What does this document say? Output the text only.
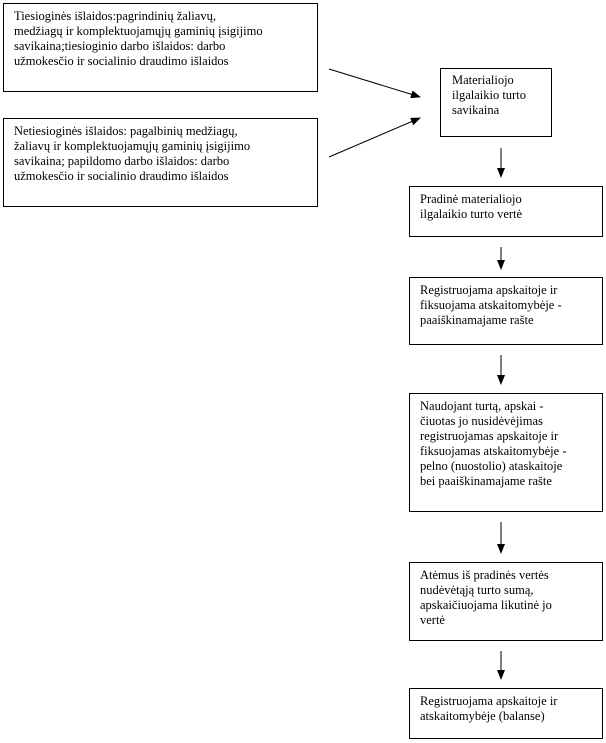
Tiesioginės išlaidos:pagrindinių žaliavų,
medžiagų ir komplektuojamųjų gaminių įsigijimo
savikaina;tiesioginio darbo išlaidos: darbo
užmokesčio ir socialinio draudimo išlaidos
Netiesioginės išlaidos: pagalbinių medžiagų,
žaliavų ir komplektuojamųjų gaminių įsigijimo
savikaina; papildomo darbo išlaidos: darbo
užmokesčio ir socialinio draudimo išlaidos
Materialiojo
ilgalaikio turto
savikaina
Pradinė materialiojo
ilgalaikio turto vertė
Registruojama apskaitoje ir
fiksuojama atskaitomybėje -
paaiškinamajame rašte
Naudojant turtą, apskai -
čiuotas jo nusidėvėjimas
registruojamas apskaitoje ir
fiksuojamas atskaitomybėje -
pelno (nuostolio) ataskaitoje
bei paaiškinamajame rašte
Atėmus iš pradinės vertės
nudėvėtąją turto sumą,
apskaičiuojama likutinė jo
vertė
Registruojama apskaitoje ir
atskaitomybėje (balanse)
